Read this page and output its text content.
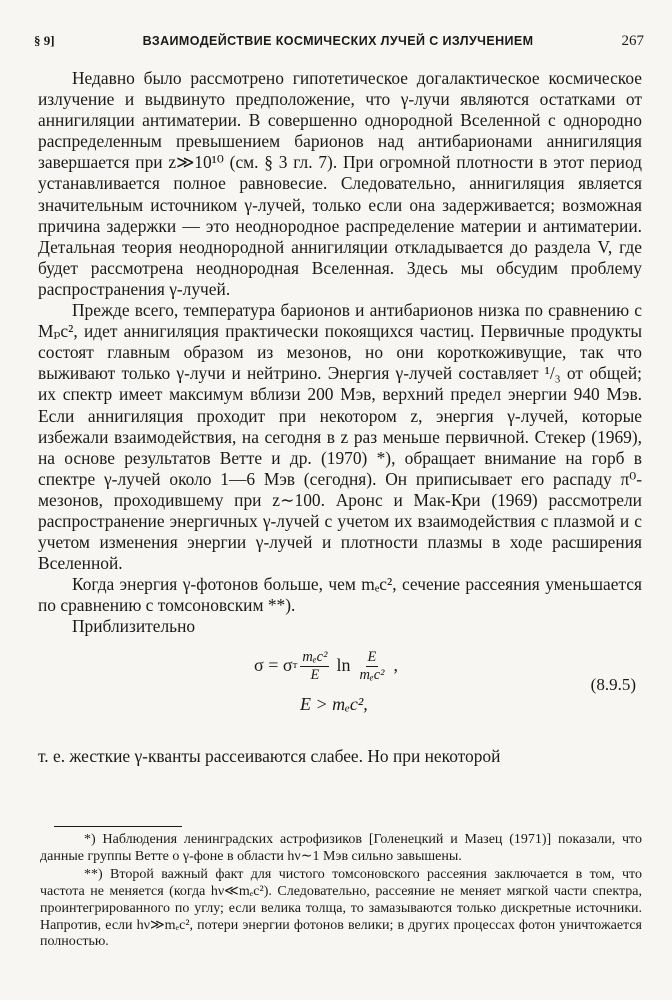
§ 9]	ВЗАИМОДЕЙСТВИЕ КОСМИЧЕСКИХ ЛУЧЕЙ С ИЗЛУЧЕНИЕМ	267

Недавно было рассмотрено гипотетическое догалактическое космическое излучение и выдвинуто предположение, что γ-лучи являются остатками от аннигиляции антиматерии. В совершенно однородной Вселенной с однородно распределенным превышением барионов над антибарионами аннигиляция завершается при z≫10¹⁰ (см. § 3 гл. 7). При огромной плотности в этот период устанавливается полное равновесие. Следовательно, аннигиляция является значительным источником γ-лучей, только если она задерживается; возможная причина задержки — это неоднородное распределение материи и антиматерии. Детальная теория неоднородной аннигиляции откладывается до раздела V, где будет рассмотрена неоднородная Вселенная. Здесь мы обсудим проблему распространения γ-лучей.

Прежде всего, температура барионов и антибарионов низка по сравнению с Mₚc², идет аннигиляция практически покоящихся частиц. Первичные продукты состоят главным образом из мезонов, но они короткоживущие, так что выживают только γ-лучи и нейтрино. Энергия γ-лучей составляет ¹/₃ от общей; их спектр имеет максимум вблизи 200 Мэв, верхний предел энергии 940 Мэв. Если аннигиляция проходит при некотором z, энергия γ-лучей, которые избежали взаимодействия, на сегодня в z раз меньше первичной. Стекер (1969), на основе результатов Ветте и др. (1970) *), обращает внимание на горб в спектре γ-лучей около 1—6 Мэв (сегодня). Он приписывает его распаду π⁰-мезонов, проходившему при z∼100. Аронс и Мак-Кри (1969) рассмотрели распространение энергичных γ-лучей с учетом их взаимодействия с плазмой и с учетом изменения энергии γ-лучей и плотности плазмы в ходе расширения Вселенной.

Когда энергия γ-фотонов больше, чем mₑc², сечение рассеяния уменьшается по сравнению с томсоновским **).

Приблизительно

σ = σ т $\frac{\text{mₑc²}}{E}$ $\ln \frac{E}{\text{mₑc²}}$ ,
E > mₑc²,
(8.9.5)

т. е. жесткие γ-кванты рассеиваются слабее. Но при некоторой

*) Наблюдения ленинградских астрофизиков [Голенецкий и Мазец (1971)] показали, что данные группы Ветте о γ-фоне в области hν∼1 Мэв сильно завышены.

**) Второй важный факт для чистого томсоновского рассеяния заключается в том, что частота не меняется (когда hν≪mₑc²). Следовательно, рассеяние не меняет мягкой части спектра, проинтегрированного по углу; если велика толща, то замазываются только дискретные источники. Напротив, если hν≫mₑc², потери энергии фотонов велики; в других процессах фотон уничтожается полностью.
